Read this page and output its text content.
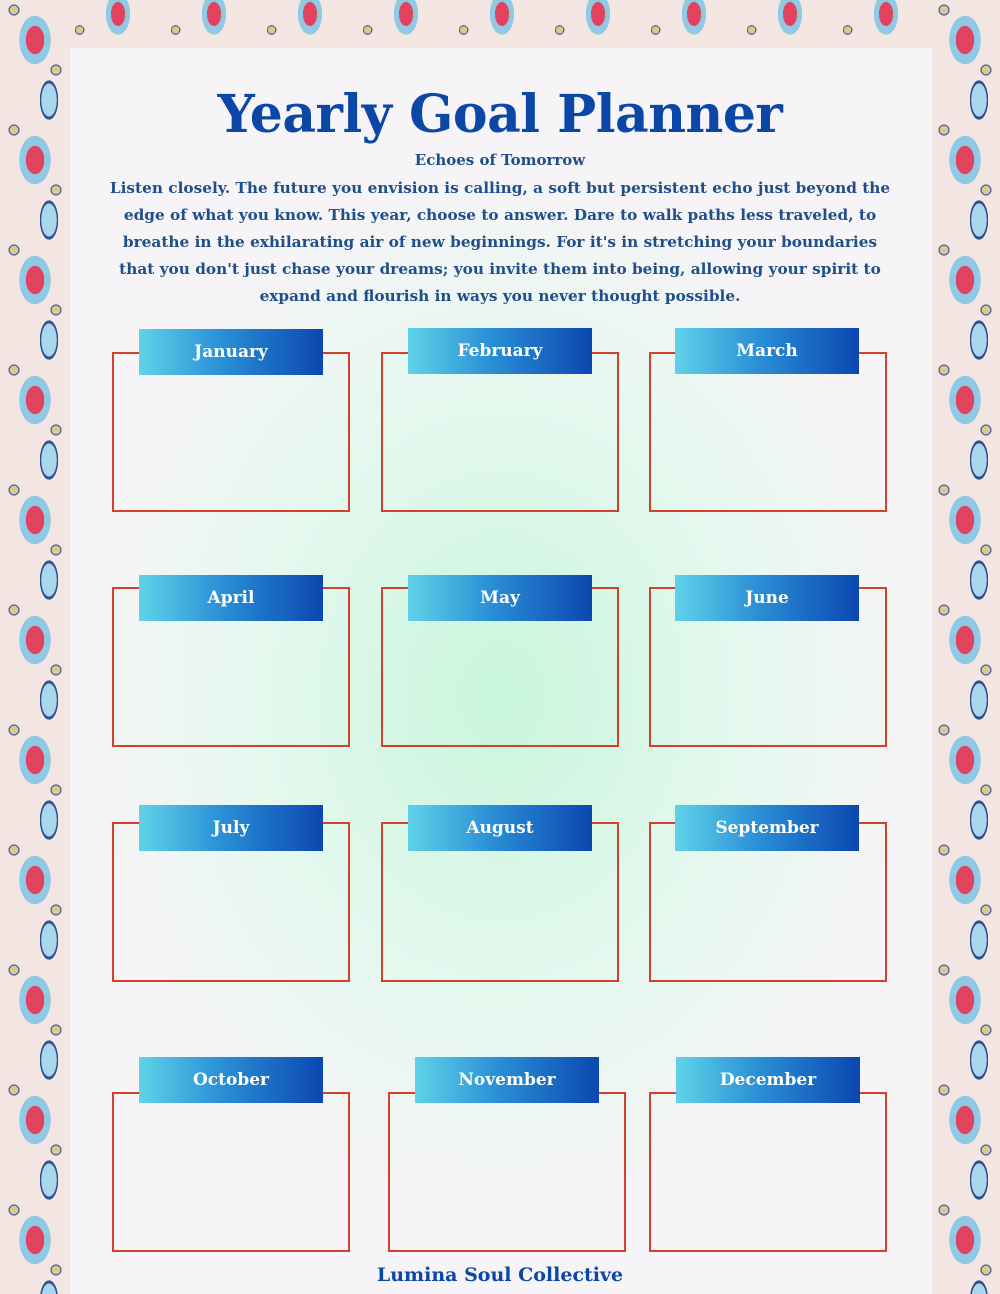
Yearly Goal Planner

Echoes of Tomorrow

Listen closely. The future you envision is calling, a soft but persistent echo just beyond the
edge of what you know. This year, choose to answer. Dare to walk paths less traveled, to
breathe in the exhilarating air of new beginnings. For it's in stretching your boundaries
that you don't just chase your dreams; you invite them into being, allowing your spirit to
expand and flourish in ways you never thought possible.

January	February	March
April	May	June
July	August	September
October	November	December

Lumina Soul Collective
